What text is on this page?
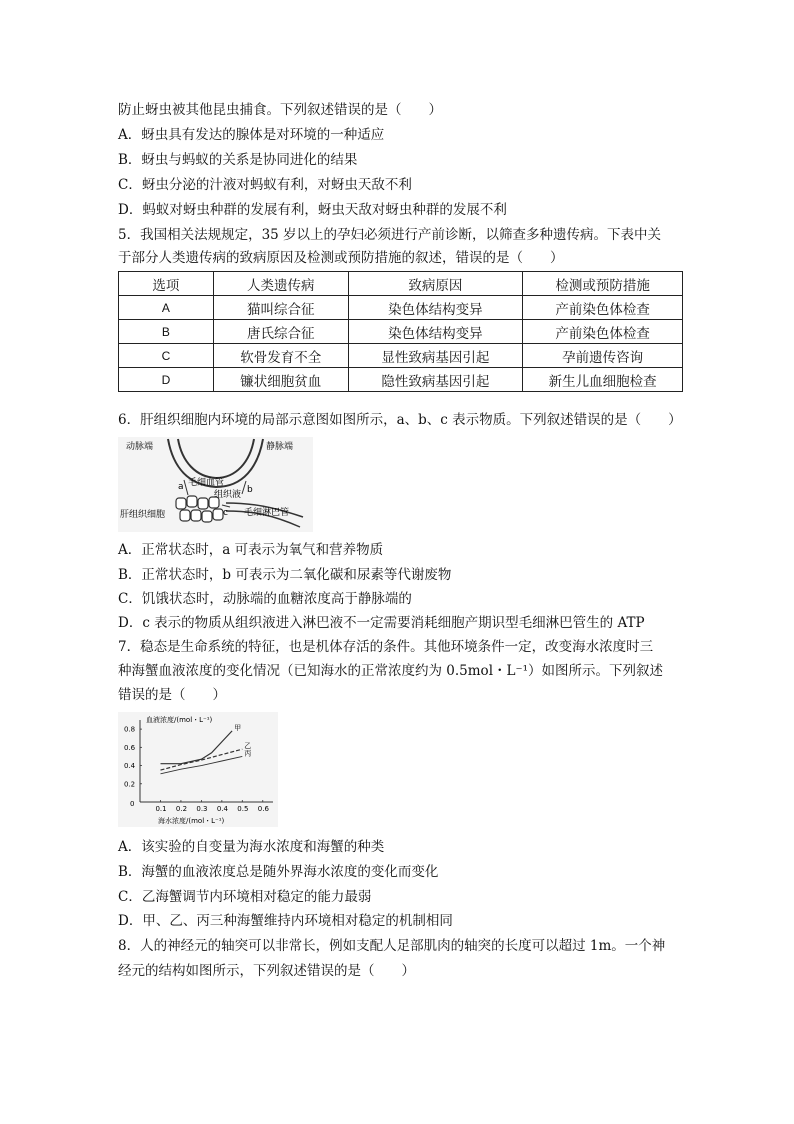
防止蚜虫被其他昆虫捕食。下列叙述错误的是（　　）
A．蚜虫具有发达的腺体是对环境的一种适应
B．蚜虫与蚂蚁的关系是协同进化的结果
C．蚜虫分泌的汁液对蚂蚁有利，对蚜虫天敌不利
D．蚂蚁对蚜虫种群的发展有利，蚜虫天敌对蚜虫种群的发展不利
5．我国相关法规规定，35 岁以上的孕妇必须进行产前诊断，以筛查多种遗传病。下表中关
于部分人类遗传病的致病原因及检测或预防措施的叙述，错误的是（　　）
选项	人类遗传病	致病原因	检测或预防措施
A	猫叫综合征	染色体结构变异	产前染色体检查
B	唐氏综合征	染色体结构变异	产前染色体检查
C	软骨发育不全	显性致病基因引起	孕前遗传咨询
D	镰状细胞贫血	隐性致病基因引起	新生儿血细胞检查
6．肝组织细胞内环境的局部示意图如图所示，a、b、c 表示物质。下列叙述错误的是（　　）
动脉端	静脉端
毛细血管
组织液
毛细淋巴管
肝组织细胞
a	b
c
A．正常状态时，a 可表示为氧气和营养物质
B．正常状态时，b 可表示为二氧化碳和尿素等代谢废物
C．饥饿状态时，动脉端的血糖浓度高于静脉端的
D．c 表示的物质从组织液进入淋巴液不一定需要消耗细胞产期识型毛细淋巴管生的 ATP
7．稳态是生命系统的特征，也是机体存活的条件。其他环境条件一定，改变海水浓度时三
种海蟹血液浓度的变化情况（已知海水的正常浓度约为 0.5mol・L⁻¹）如图所示。下列叙述
错误的是（　　）
血液浓度/(mol・L⁻¹)
海水浓度/(mol・L⁻¹)
0
0.2
0.4
0.6
0.8
0.1 0.2 0.3 0.4 0.5 0.6
甲
乙
丙
A．该实验的自变量为海水浓度和海蟹的种类
B．海蟹的血液浓度总是随外界海水浓度的变化而变化
C．乙海蟹调节内环境相对稳定的能力最弱
D．甲、乙、丙三种海蟹维持内环境相对稳定的机制相同
8．人的神经元的轴突可以非常长，例如支配人足部肌肉的轴突的长度可以超过 1m。一个神
经元的结构如图所示，下列叙述错误的是（　　）
